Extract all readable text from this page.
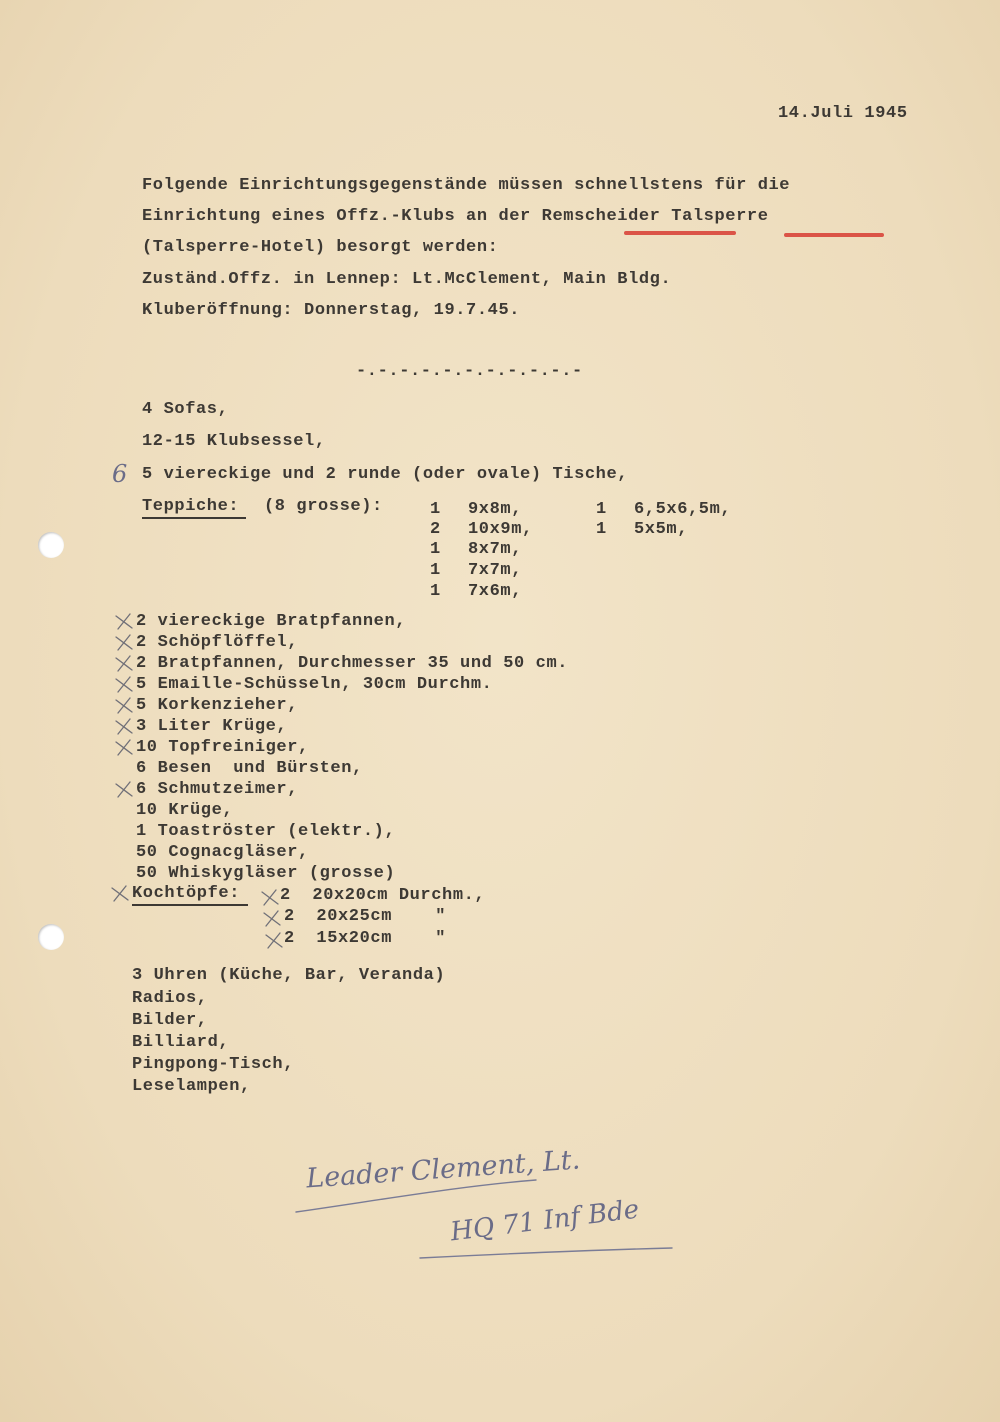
14.Juli 1945
Folgende Einrichtungsgegenstände müssen schnellstens für die
Einrichtung eines Offz.-Klubs an der Remscheider Talsperre
(Talsperre-Hotel) besorgt werden:
Zuständ.Offz. in Lennep: Lt.McClement, Main Bldg.
Kluberöffnung: Donnerstag, 19.7.45.
-.-.-.-.-.-.-.-.-.-.-
4 Sofas,
12-15 Klubsessel,
5 viereckige und 2 runde (oder ovale) Tische,
6
Teppiche: (8 grosse):	1 9x8m,
2 10x9m,
1 8x7m,
1 7x7m,
1 7x6m,
1 6,5x6,5m,
1 5x5m,
2 viereckige Bratpfannen,
2 Schöpflöffel,
2 Bratpfannen, Durchmesser 35 und 50 cm.
5 Emaille-Schüsseln, 30cm Durchm.
5 Korkenzieher,
3 Liter Krüge,
10 Topfreiniger,
6 Besen  und Bürsten,
6 Schmutzeimer,
10 Krüge,
1 Toaströster (elektr.),
50 Cognacgläser,
50 Whiskygläser (grosse)
Kochtöpfe: 2  20x20cm Durchm.,
2  20x25cm    "
2  15x20cm    "
3 Uhren (Küche, Bar, Veranda)
Radios,
Bilder,
Billiard,
Pingpong-Tisch,
Leselampen,
Leader Clement, Lt.
HQ 71 Inf Bde
